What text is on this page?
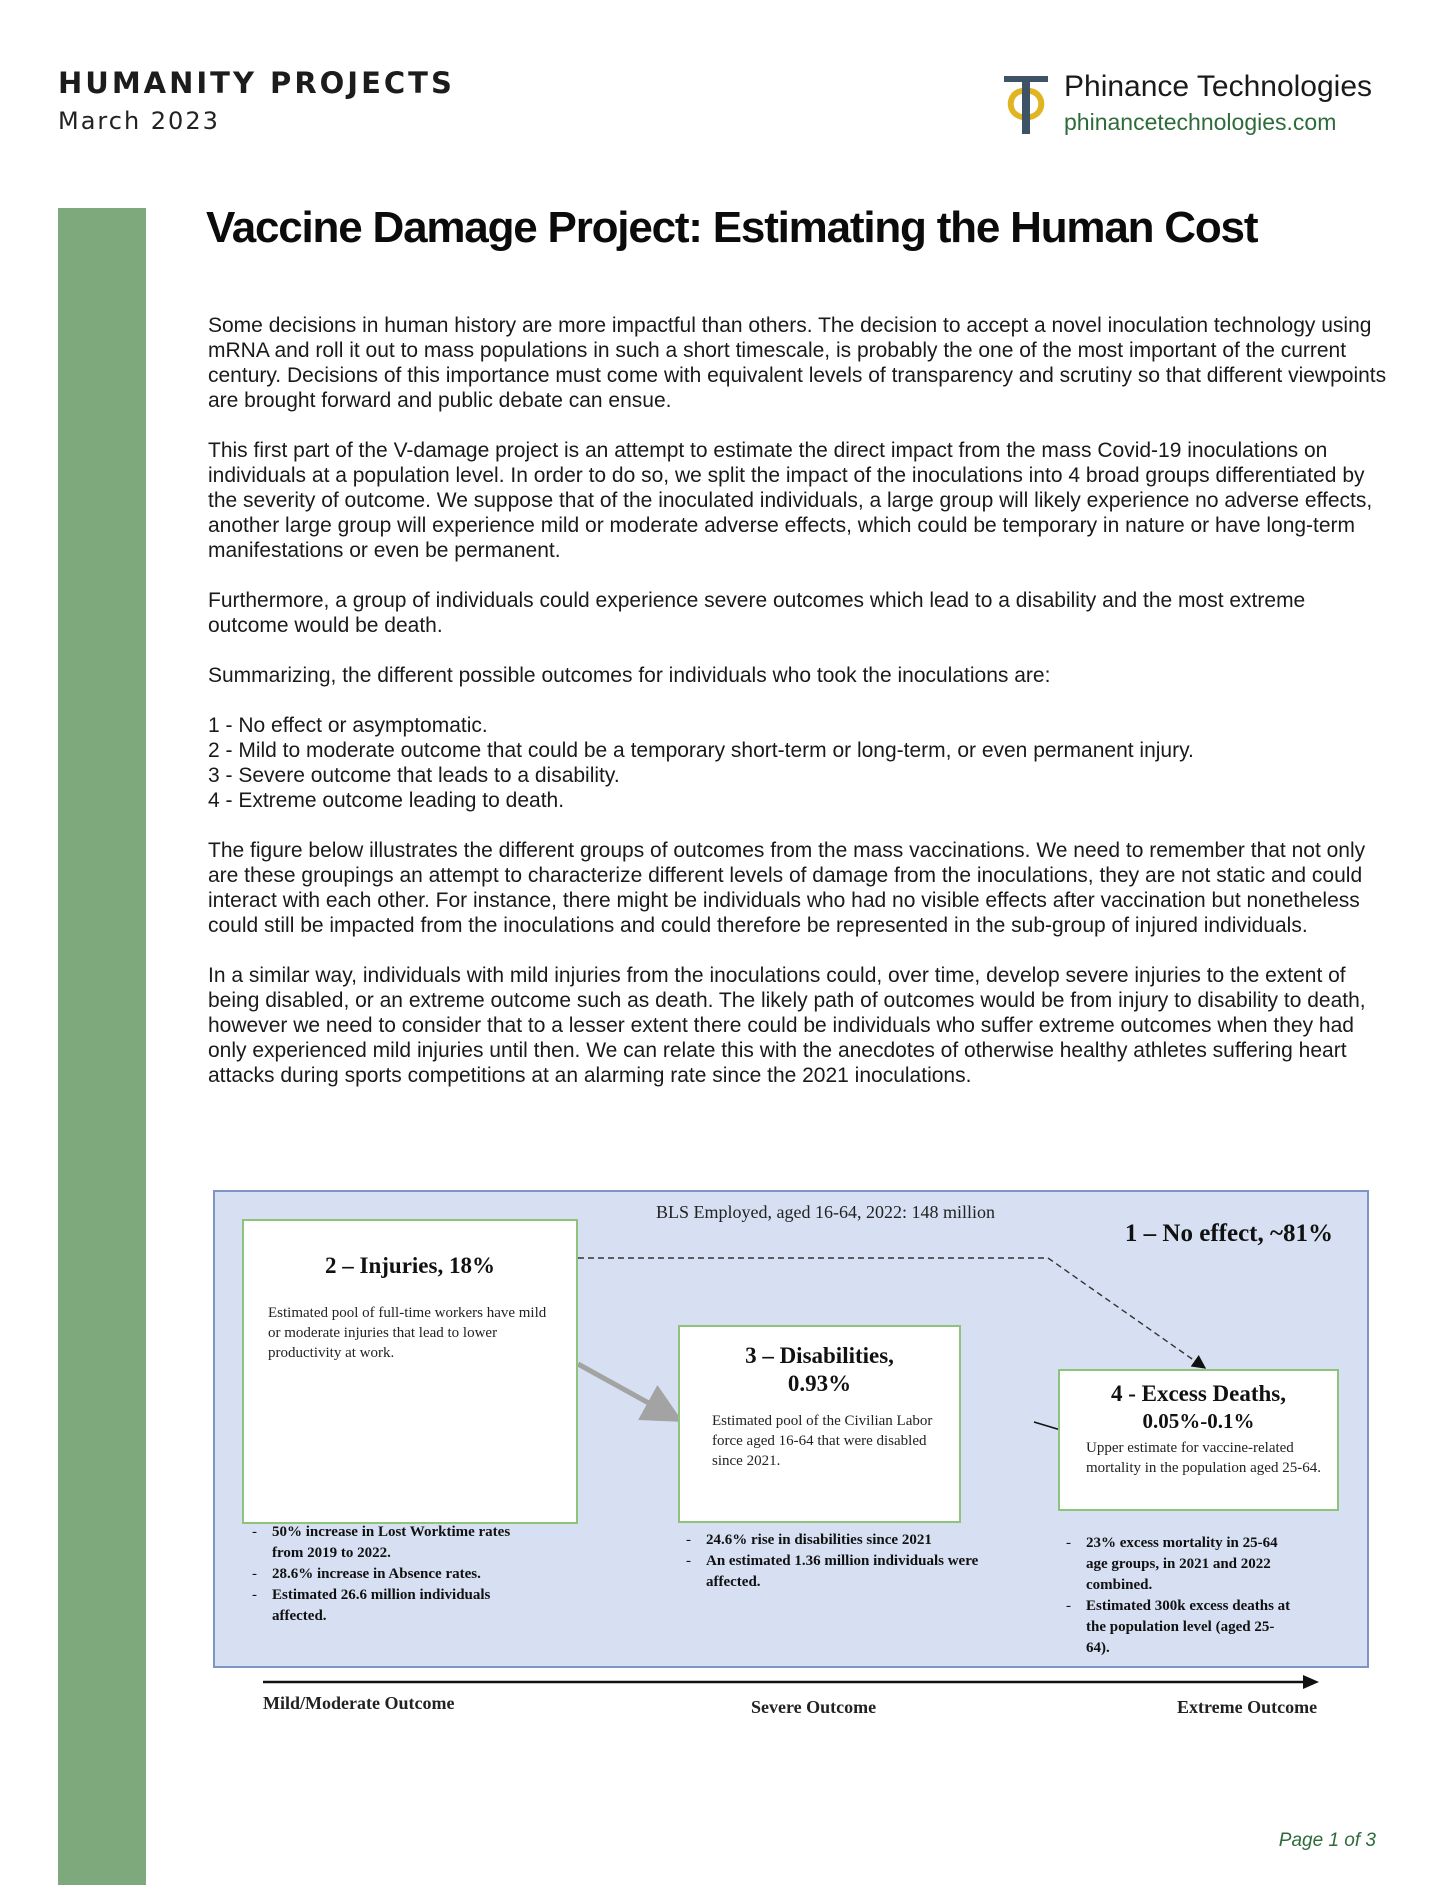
HUMANITY PROJECTS
March 2023
Phinance Technologies
phinancetechnologies.com
Vaccine Damage Project: Estimating the Human Cost

Some decisions in human history are more impactful than others. The decision to accept a novel inoculation technology using mRNA and roll it out to mass populations in such a short timescale, is probably the one of the most important of the current century. Decisions of this importance must come with equivalent levels of transparency and scrutiny so that different viewpoints are brought forward and public debate can ensue.

This first part of the V-damage project is an attempt to estimate the direct impact from the mass Covid-19 inoculations on individuals at a population level. In order to do so, we split the impact of the inoculations into 4 broad groups differentiated by the severity of outcome. We suppose that of the inoculated individuals, a large group will likely experience no adverse effects, another large group will experience mild or moderate adverse effects, which could be temporary in nature or have long-term manifestations or even be permanent.

Furthermore, a group of individuals could experience severe outcomes which lead to a disability and the most extreme outcome would be death.

Summarizing, the different possible outcomes for individuals who took the inoculations are:

1 - No effect or asymptomatic.
2 - Mild to moderate outcome that could be a temporary short-term or long-term, or even permanent injury.
3 - Severe outcome that leads to a disability.
4 - Extreme outcome leading to death.

The figure below illustrates the different groups of outcomes from the mass vaccinations. We need to remember that not only are these groupings an attempt to characterize different levels of damage from the inoculations, they are not static and could interact with each other. For instance, there might be individuals who had no visible effects after vaccination but nonetheless could still be impacted from the inoculations and could therefore be represented in the sub-group of injured individuals.

In a similar way, individuals with mild injuries from the inoculations could, over time, develop severe injuries to the extent of being disabled, or an extreme outcome such as death. The likely path of outcomes would be from injury to disability to death, however we need to consider that to a lesser extent there could be individuals who suffer extreme outcomes when they had only experienced mild injuries until then. We can relate this with the anecdotes of otherwise healthy athletes suffering heart attacks during sports competitions at an alarming rate since the 2021 inoculations.

BLS Employed, aged 16-64, 2022: 148 million
1 – No effect, ~81%
2 – Injuries, 18%
Estimated pool of full-time workers have mild or moderate injuries that lead to lower productivity at work.	3 – Disabilities,
0.93%
Estimated pool of the Civilian Labor force aged 16-64 that were disabled since 2021.
4 - Excess Deaths,
0.05%-0.1%
Upper estimate for vaccine-related mortality in the population aged 25-64.
- 50% increase in Lost Worktime rates from 2019 to 2022.
- 28.6% increase in Absence rates.
- Estimated 26.6 million individuals affected.
- 24.6% rise in disabilities since 2021
- An estimated 1.36 million individuals were affected.
- 23% excess mortality in 25-64 age groups, in 2021 and 2022 combined.
- Estimated 300k excess deaths at the population level (aged 25-64).
Mild/Moderate Outcome	Severe Outcome	Extreme Outcome
Page 1 of 3
